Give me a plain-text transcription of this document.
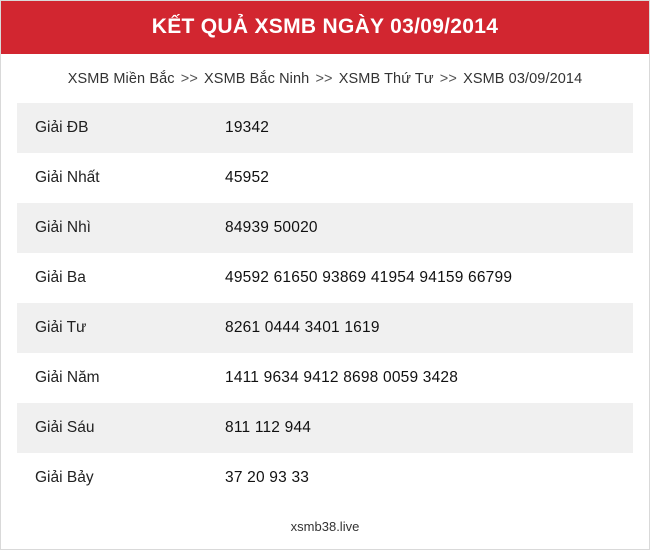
KẾT QUẢ XSMB NGÀY 03/09/2014
XSMB Miền Bắc >> XSMB Bắc Ninh >> XSMB Thứ Tư >> XSMB 03/09/2014
Giải ĐB	19342
Giải Nhất	45952
Giải Nhì	84939 50020
Giải Ba	49592 61650 93869 41954 94159 66799
Giải Tư	8261 0444 3401 1619
Giải Năm	1411 9634 9412 8698 0059 3428
Giải Sáu	811 112 944
Giải Bảy	37 20 93 33
xsmb38.live
